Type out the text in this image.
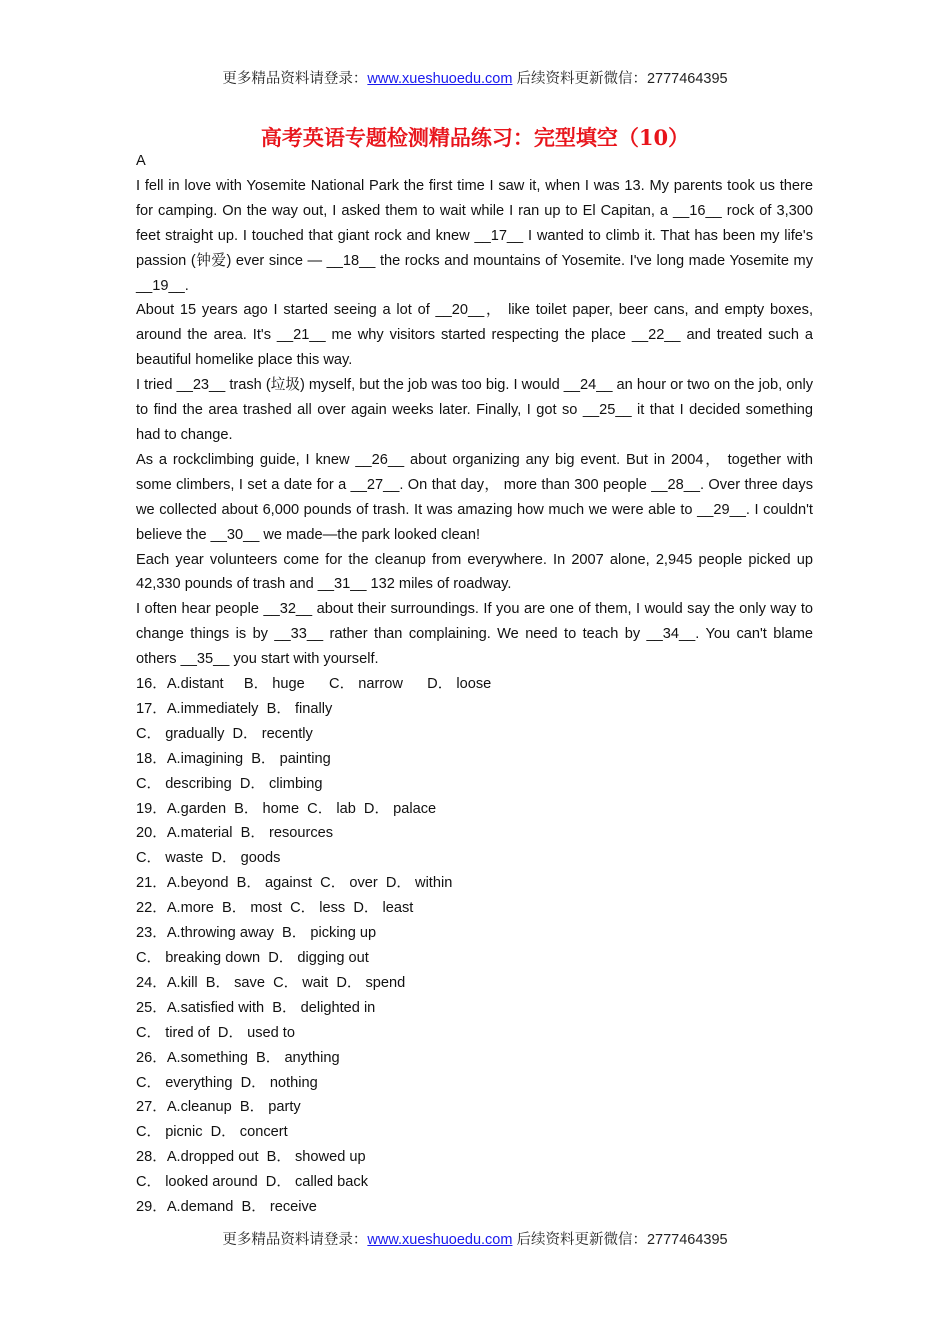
更多精品资料请登录：www.xueshuoedu.com 后续资料更新微信：2777464395
高考英语专题检测精品练习：完型填空（10）

A

I fell in love with Yosemite National Park the first time I saw it, when I was 13. My parents took us there for camping. On the way out, I asked them to wait while I ran up to El Capitan, a __16__ rock of 3,300 feet straight up. I touched that giant rock and knew __17__ I wanted to climb it. That has been my life's passion (钟爱) ever since — __18__ the rocks and mountains of Yosemite. I've long made Yosemite my __19__.

About 15 years ago I started seeing a lot of __20__， like toilet paper, beer cans, and empty boxes, around the area. It's __21__ me why visitors started respecting the place __22__ and treated such a beautiful homelike place this way.

I tried __23__ trash (垃圾) myself, but the job was too big. I would __24__ an hour or two on the job, only to find the area trashed all over again weeks later. Finally, I got so __25__ it that I decided something had to change.

As a rockclimbing guide, I knew __26__ about organizing any big event. But in 2004， together with some climbers, I set a date for a __27__. On that day， more than 300 people __28__. Over three days we collected about 6,000 pounds of trash. It was amazing how much we were able to __29__. I couldn't believe the __30__ we made—the park looked clean!

Each year volunteers come for the cleanup from everywhere. In 2007 alone, 2,945 people picked up 42,330 pounds of trash and __31__ 132 miles of roadway.

I often hear people __32__ about their surroundings. If you are one of them, I would say the only way to change things is by __33__ rather than complaining. We need to teach by __34__. You can't blame others __35__ you start with yourself.

16．A.distant     B． huge      C． narrow      D． loose
17．A.immediately  B． finally
C． gradually  D． recently
18．A.imagining  B． painting
C． describing  D． climbing
19．A.garden  B． home  C． lab  D． palace
20．A.material  B． resources
C． waste  D． goods
21．A.beyond  B． against  C． over  D． within
22．A.more  B． most  C． less  D． least
23．A.throwing away  B． picking up
C． breaking down  D． digging out
24．A.kill  B． save  C． wait  D． spend
25．A.satisfied with  B． delighted in
C． tired of  D． used to
26．A.something  B． anything
C． everything  D． nothing
27．A.cleanup  B． party
C． picnic  D． concert
28．A.dropped out  B． showed up
C． looked around  D． called back
29．A.demand  B． receive
更多精品资料请登录：www.xueshuoedu.com 后续资料更新微信：2777464395
